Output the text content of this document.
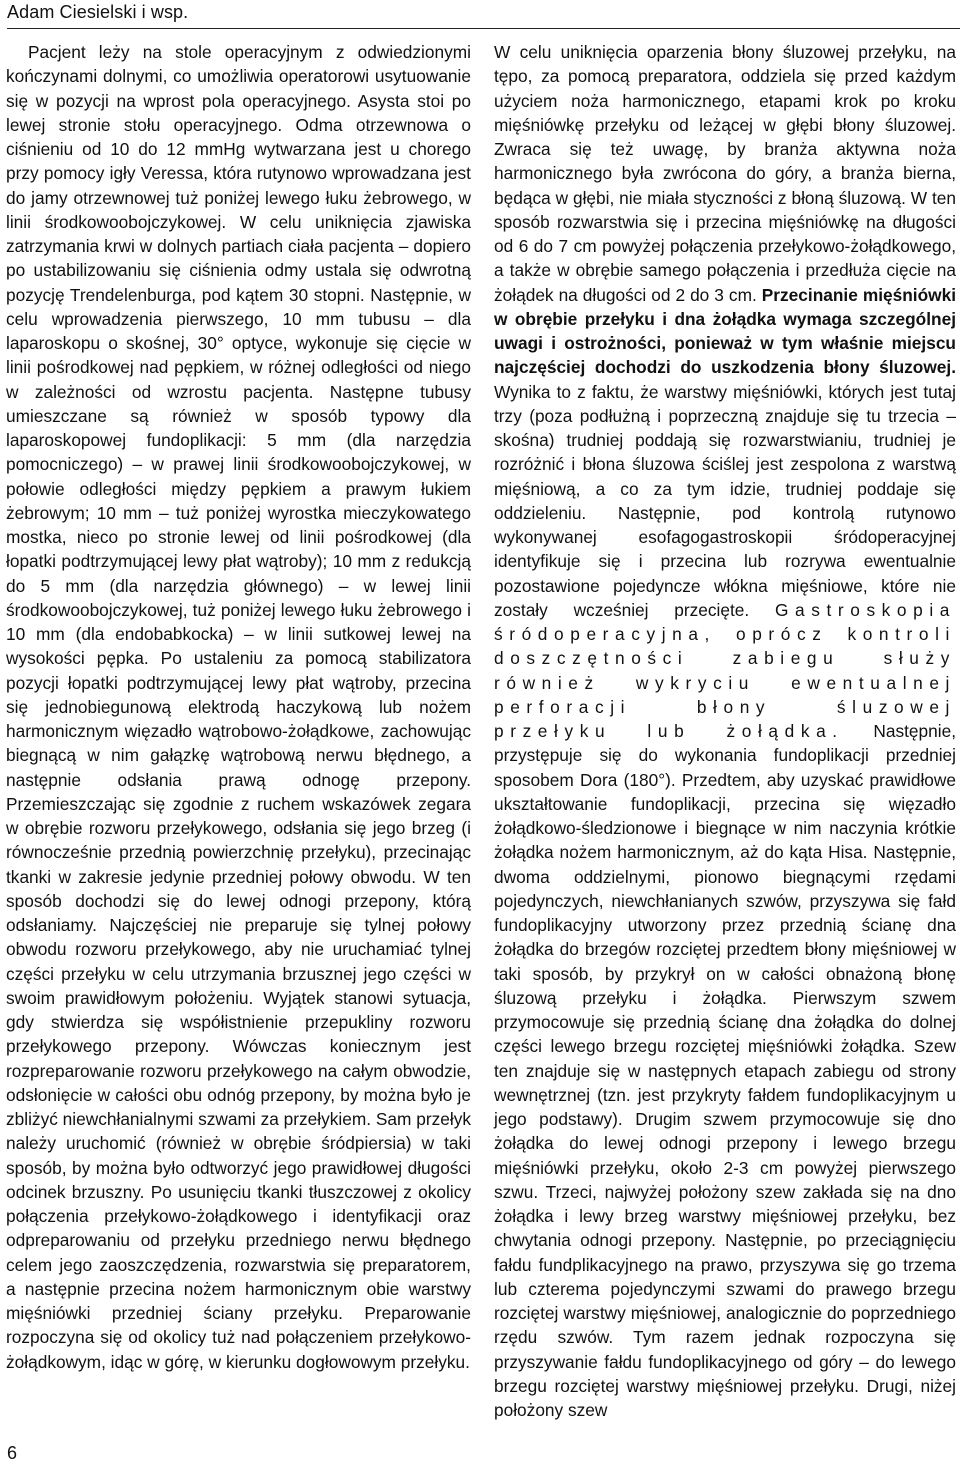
Adam Ciesielski i wsp.

Pacjent leży na stole operacyjnym z odwiedzionymi kończynami dolnymi, co umożliwia operatorowi usytuowanie się w pozycji na wprost pola operacyjnego. Asysta stoi po lewej stronie stołu operacyjnego. Odma otrzewnowa o ciśnieniu od 10 do 12 mmHg wytwarzana jest u chorego przy pomocy igły Veressa, która rutynowo wprowadzana jest do jamy otrzewnowej tuż poniżej lewego łuku żebrowego, w linii środkowoobojczykowej. W celu uniknięcia zjawiska zatrzymania krwi w dolnych partiach ciała pacjenta – dopiero po ustabilizowaniu się ciśnienia odmy ustala się odwrotną pozycję Trendelenburga, pod kątem 30 stopni. Następnie, w celu wprowadzenia pierwszego, 10 mm tubusu – dla laparoskopu o skośnej, 30° optyce, wykonuje się cięcie w linii pośrodkowej nad pępkiem, w różnej odległości od niego w zależności od wzrostu pacjenta. Następne tubusy umieszczane są również w sposób typowy dla laparoskopowej fundoplikacji: 5 mm (dla narzędzia pomocniczego) – w prawej linii środkowoobojczykowej, w połowie odległości między pępkiem a prawym łukiem żebrowym; 10 mm – tuż poniżej wyrostka mieczykowatego mostka, nieco po stronie lewej od linii pośrodkowej (dla łopatki podtrzymującej lewy płat wątroby); 10 mm z redukcją do 5 mm (dla narzędzia głównego) – w lewej linii środkowoobojczykowej, tuż poniżej lewego łuku żebrowego i 10 mm (dla endobabkocka) – w linii sutkowej lewej na wysokości pępka. Po ustaleniu za pomocą stabilizatora pozycji łopatki podtrzymującej lewy płat wątroby, przecina się jednobiegunową elektrodą haczykową lub nożem harmonicznym więzadło wątrobowo-żołądkowe, zachowując biegnącą w nim gałązkę wątrobową nerwu błędnego, a następnie odsłania prawą odnogę przepony. Przemieszczając się zgodnie z ruchem wskazówek zegara w obrębie rozworu przełykowego, odsłania się jego brzeg (i równocześnie przednią powierzchnię przełyku), przecinając tkanki w zakresie jedynie przedniej połowy obwodu. W ten sposób dochodzi się do lewej odnogi przepony, którą odsłaniamy. Najczęściej nie preparuje się tylnej połowy obwodu rozworu przełykowego, aby nie uruchamiać tylnej części przełyku w celu utrzymania brzusznej jego części w swoim prawidłowym położeniu. Wyjątek stanowi sytuacja, gdy stwierdza się współistnienie przepukliny rozworu przełykowego przepony. Wówczas koniecznym jest rozpreparowanie rozworu przełykowego na całym obwodzie, odsłonięcie w całości obu odnóg przepony, by można było je zbliżyć niewchłanialnymi szwami za przełykiem. Sam przełyk należy uruchomić (również w obrębie śródpiersia) w taki sposób, by można było odtworzyć jego prawidłowej długości odcinek brzuszny. Po usunięciu tkanki tłuszczowej z okolicy połączenia przełykowo-żołądkowego i identyfikacji oraz odpreparowaniu od przełyku przedniego nerwu błędnego celem jego zaoszczędzenia, rozwarstwia się preparatorem, a następnie przecina nożem harmonicznym obie warstwy mięśniówki przedniej ściany przełyku. Preparowanie rozpoczyna się od okolicy tuż nad połączeniem przełykowo-żołądkowym, idąc w górę, w kierunku dogłowowym przełyku.

W celu uniknięcia oparzenia błony śluzowej przełyku, na tępo, za pomocą preparatora, oddziela się przed każdym użyciem noża harmonicznego, etapami krok po kroku mięśniówkę przełyku od leżącej w głębi błony śluzowej. Zwraca się też uwagę, by branża aktywna noża harmonicznego była zwrócona do góry, a branża bierna, będąca w głębi, nie miała styczności z błoną śluzową. W ten sposób rozwarstwia się i przecina mięśniówkę na długości od 6 do 7 cm powyżej połączenia przełykowo-żołądkowego, a także w obrębie samego połączenia i przedłuża cięcie na żołądek na długości od 2 do 3 cm. Przecinanie mięśniówki w obrębie przełyku i dna żołądka wymaga szczególnej uwagi i ostrożności, ponieważ w tym właśnie miejscu najczęściej dochodzi do uszkodzenia błony śluzowej. Wynika to z faktu, że warstwy mięśniówki, których jest tutaj trzy (poza podłużną i poprzeczną znajduje się tu trzecia – skośna) trudniej poddają się rozwarstwianiu, trudniej je rozróżnić i błona śluzowa ściślej jest zespolona z warstwą mięśniową, a co za tym idzie, trudniej poddaje się oddzieleniu. Następnie, pod kontrolą rutynowo wykonywanej esofagogastroskopii śródoperacyjnej identyfikuje się i przecina lub rozrywa ewentualnie pozostawione pojedyncze włókna mięśniowe, które nie zostały wcześniej przecięte. Gastroskopia śródoperacyjna, oprócz kontroli doszczętności zabiegu służy również wykryciu ewentualnej perforacji błony śluzowej przełyku lub żołądka. Następnie, przystępuje się do wykonania fundoplikacji przedniej sposobem Dora (180°). Przedtem, aby uzyskać prawidłowe ukształtowanie fundoplikacji, przecina się więzadło żołądkowo-śledzionowe i biegnące w nim naczynia krótkie żołądka nożem harmonicznym, aż do kąta Hisa. Następnie, dwoma oddzielnymi, pionowo biegnącymi rzędami pojedynczych, niewchłanianych szwów, przyszywa się fałd fundoplikacyjny utworzony przez przednią ścianę dna żołądka do brzegów rozciętej przedtem błony mięśniowej w taki sposób, by przykrył on w całości obnażoną błonę śluzową przełyku i żołądka. Pierwszym szwem przymocowuje się przednią ścianę dna żołądka do dolnej części lewego brzegu rozciętej mięśniówki żołądka. Szew ten znajduje się w następnych etapach zabiegu od strony wewnętrznej (tzn. jest przykryty fałdem fundoplikacyjnym u jego podstawy). Drugim szwem przymocowuje się dno żołądka do lewej odnogi przepony i lewego brzegu mięśniówki przełyku, około 2-3 cm powyżej pierwszego szwu. Trzeci, najwyżej położony szew zakłada się na dno żołądka i lewy brzeg warstwy mięśniowej przełyku, bez chwytania odnogi przepony. Następnie, po przeciągnięciu fałdu fundplikacyjnego na prawo, przyszywa się go trzema lub czterema pojedynczymi szwami do prawego brzegu rozciętej warstwy mięśniowej, analogicznie do poprzedniego rzędu szwów. Tym razem jednak rozpoczyna się przyszywanie fałdu fundoplikacyjnego od góry – do lewego brzegu rozciętej warstwy mięśniowej przełyku. Drugi, niżej położony szew

6
